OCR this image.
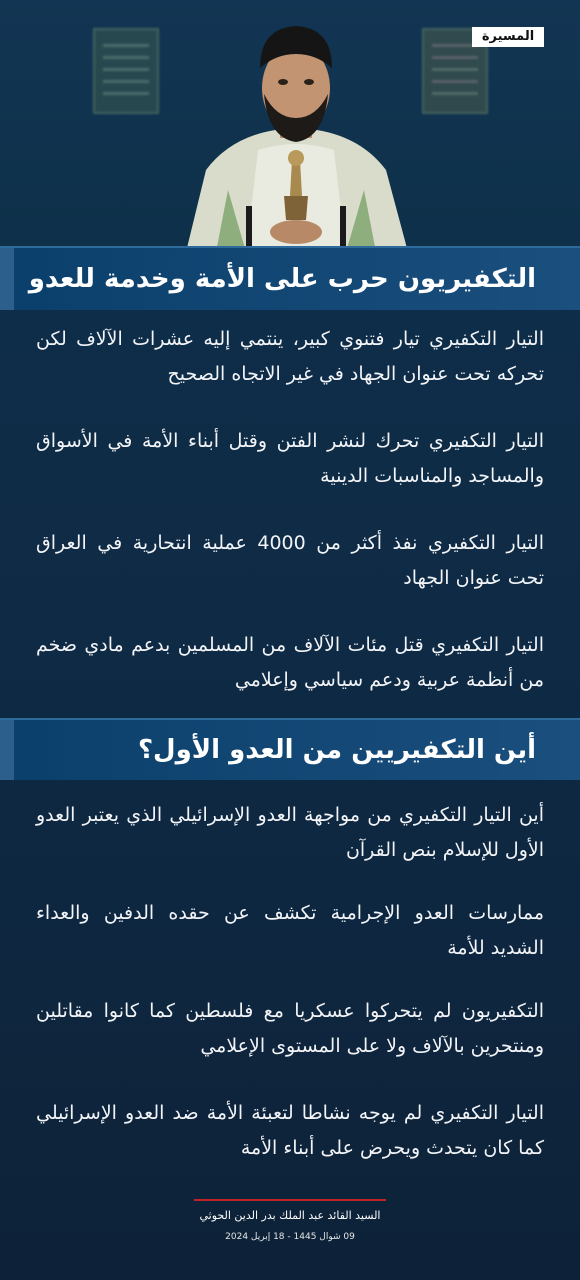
المسيرة
التكفيريون حرب على الأمة وخدمة للعدو
التيار التكفيري تيار فتنوي كبير، ينتمي إليه عشرات الآلاف لكن تحركه تحت عنوان الجهاد في غير الاتجاه الصحيح
التيار التكفيري تحرك لنشر الفتن وقتل أبناء الأمة في الأسواق والمساجد والمناسبات الدينية
التيار التكفيري نفذ أكثر من 4000 عملية انتحارية في العراق تحت عنوان الجهاد
التيار التكفيري قتل مئات الآلاف من المسلمين بدعم مادي ضخم من أنظمة عربية ودعم سياسي وإعلامي
أين التكفيريين من العدو الأول؟
أين التيار التكفيري من مواجهة العدو الإسرائيلي الذي يعتبر العدو الأول للإسلام بنص القرآن
ممارسات العدو الإجرامية تكشف عن حقده الدفين والعداء الشديد للأمة
التكفيريون لم يتحركوا عسكريا مع فلسطين كما كانوا مقاتلين ومنتحرين بالآلاف ولا على المستوى الإعلامي
التيار التكفيري لم يوجه نشاطا لتعبئة الأمة ضد العدو الإسرائيلي كما كان يتحدث ويحرض على أبناء الأمة
السيد القائد عبد الملك بدر الدين الحوثي
09 شوال 1445 - 18 إبريل 2024
